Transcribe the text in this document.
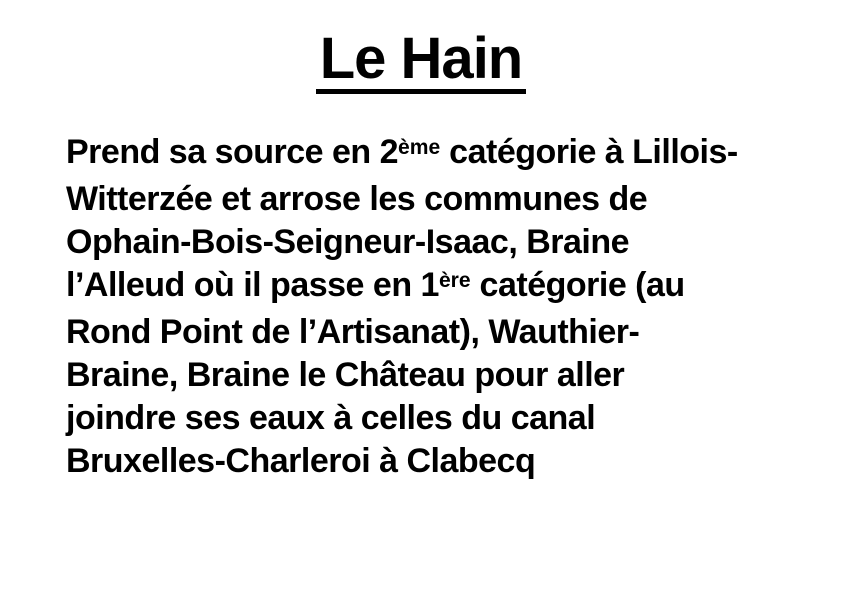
Le Hain
Prend sa source en 2ème catégorie à Lillois-
Witterzée et arrose les communes de
Ophain-Bois-Seigneur-Isaac, Braine
l’Alleud où il passe en 1ère catégorie (au
Rond Point de l’Artisanat), Wauthier-
Braine, Braine le Château pour aller
joindre ses eaux à celles du canal
Bruxelles-Charleroi à Clabecq
